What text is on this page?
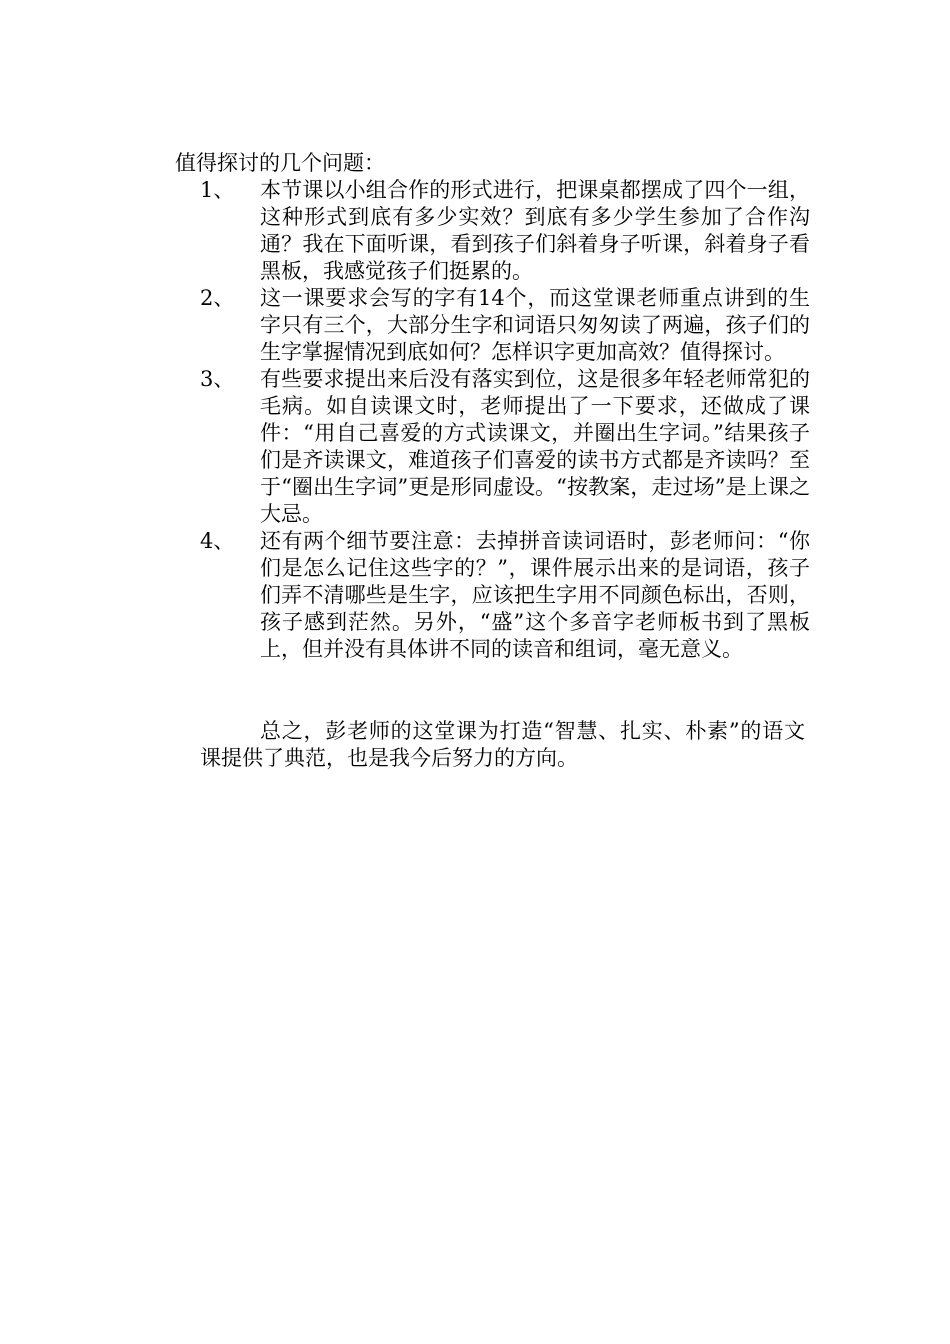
值得探讨的几个问题：
1、 本节课以小组合作的形式进行，把课桌都摆成了四个一组，这种形式到底有多少实效？到底有多少学生参加了合作沟通？我在下面听课，看到孩子们斜着身子听课，斜着身子看黑板，我感觉孩子们挺累的。
2、 这一课要求会写的字有14个，而这堂课老师重点讲到的生字只有三个，大部分生字和词语只匆匆读了两遍，孩子们的生字掌握情况到底如何？怎样识字更加高效？值得探讨。
3、 有些要求提出来后没有落实到位，这是很多年轻老师常犯的毛病。如自读课文时，老师提出了一下要求，还做成了课件：“用自己喜爱的方式读课文，并圈出生字词。”结果孩子们是齐读课文，难道孩子们喜爱的读书方式都是齐读吗？至于“圈出生字词”更是形同虚设。“按教案，走过场”是上课之大忌。
4、 还有两个细节要注意：去掉拼音读词语时，彭老师问：“你们是怎么记住这些字的？”，课件展示出来的是词语，孩子们弄不清哪些是生字，应该把生字用不同颜色标出，否则，孩子感到茫然。另外，“盛”这个多音字老师板书到了黑板上，但并没有具体讲不同的读音和组词，毫无意义。

总之，彭老师的这堂课为打造“智慧、扎实、朴素”的语文课提供了典范，也是我今后努力的方向。
